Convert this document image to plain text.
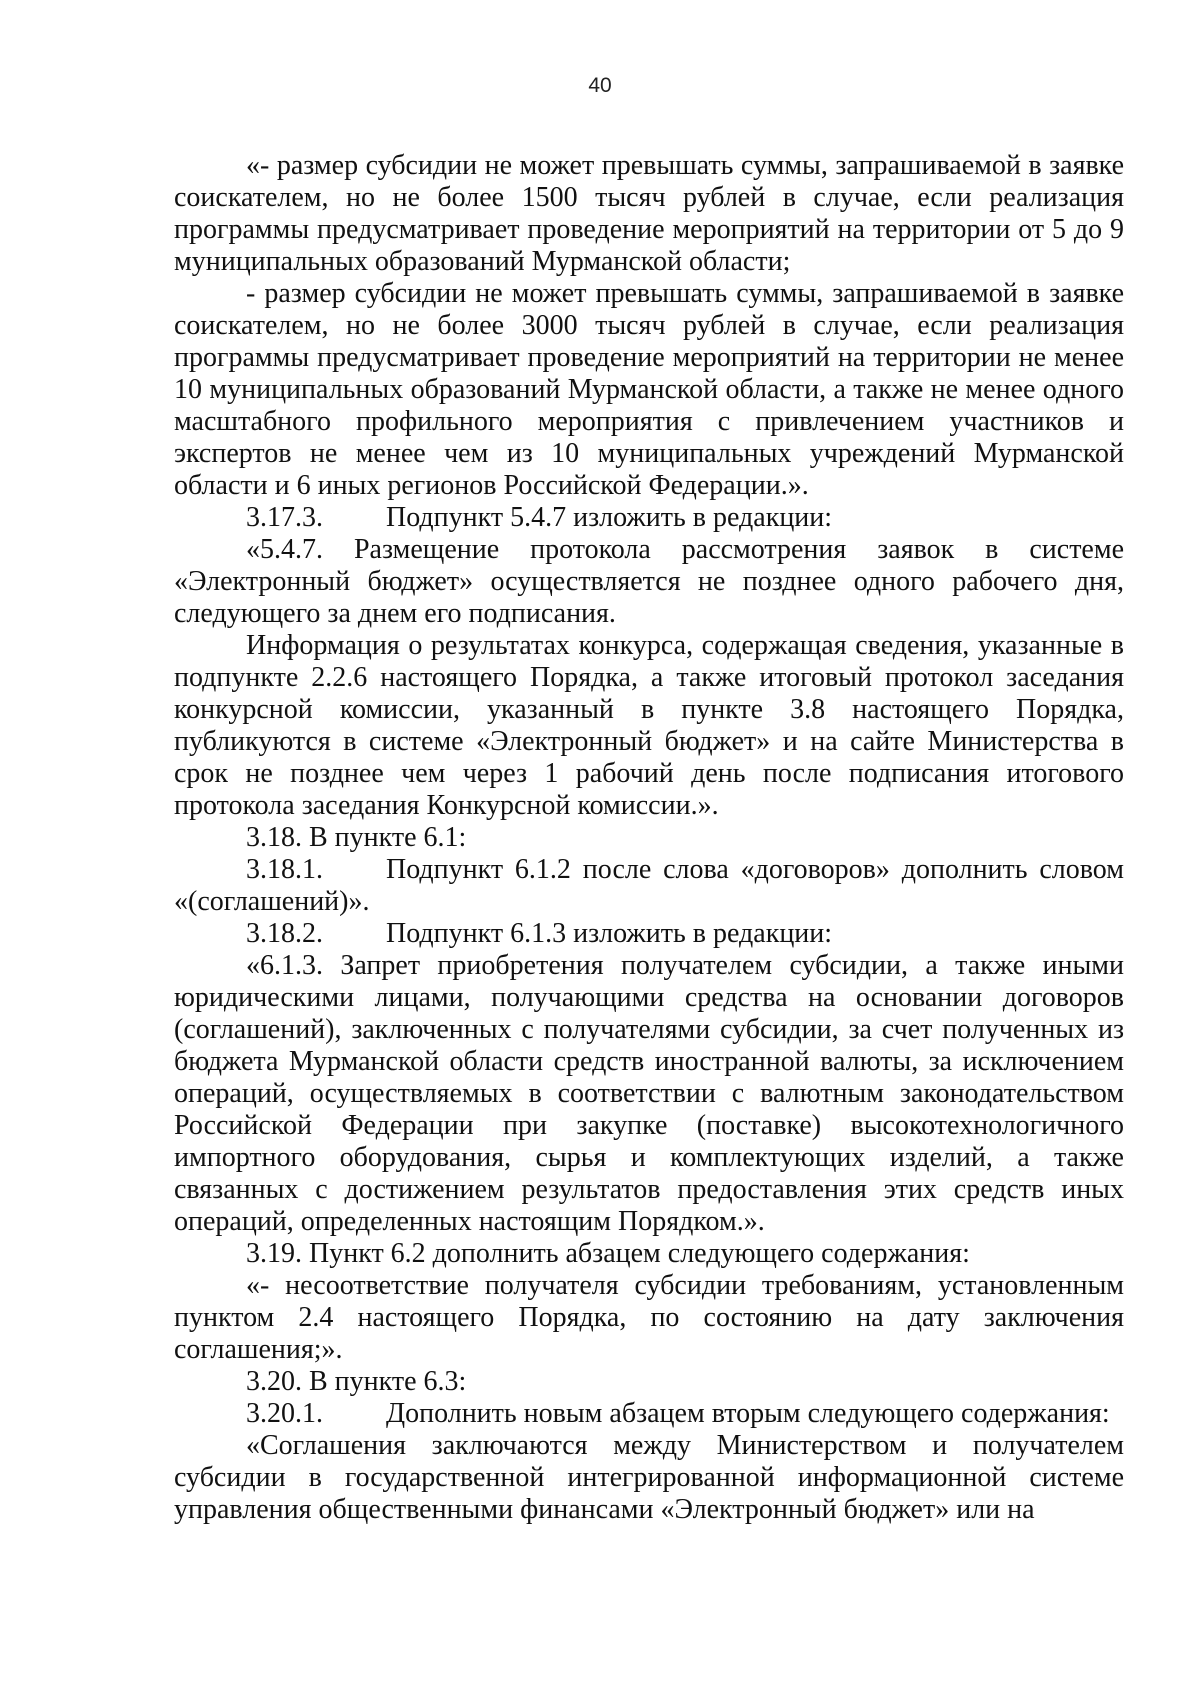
40

«- размер субсидии не может превышать суммы, запрашиваемой в заявке соискателем, но не более 1500 тысяч рублей в случае, если реализация программы предусматривает проведение мероприятий на территории от 5 до 9 муниципальных образований Мурманской области;

- размер субсидии не может превышать суммы, запрашиваемой в заявке соискателем, но не более 3000 тысяч рублей в случае, если реализация программы предусматривает проведение мероприятий на территории не менее 10 муниципальных образований Мурманской области, а также не менее одного масштабного профильного мероприятия с привлечением участников и экспертов не менее чем из 10 муниципальных учреждений Мурманской области и 6 иных регионов Российской Федерации.».

3.17.3. Подпункт 5.4.7 изложить в редакции:

«5.4.7. Размещение протокола рассмотрения заявок в системе «Электронный бюджет» осуществляется не позднее одного рабочего дня, следующего за днем его подписания.

Информация о результатах конкурса, содержащая сведения, указанные в подпункте 2.2.6 настоящего Порядка, а также итоговый протокол заседания конкурсной комиссии, указанный в пункте 3.8 настоящего Порядка, публикуются в системе «Электронный бюджет» и на сайте Министерства в срок не позднее чем через 1 рабочий день после подписания итогового протокола заседания Конкурсной комиссии.».

3.18. В пункте 6.1:

3.18.1. Подпункт 6.1.2 после слова «договоров» дополнить словом «(соглашений)».

3.18.2. Подпункт 6.1.3 изложить в редакции:

«6.1.3. Запрет приобретения получателем субсидии, а также иными юридическими лицами, получающими средства на основании договоров (соглашений), заключенных с получателями субсидии, за счет полученных из бюджета Мурманской области средств иностранной валюты, за исключением операций, осуществляемых в соответствии с валютным законодательством Российской Федерации при закупке (поставке) высокотехнологичного импортного оборудования, сырья и комплектующих изделий, а также связанных с достижением результатов предоставления этих средств иных операций, определенных настоящим Порядком.».

3.19. Пункт 6.2 дополнить абзацем следующего содержания:

«- несоответствие получателя субсидии требованиям, установленным пунктом 2.4 настоящего Порядка, по состоянию на дату заключения соглашения;».

3.20. В пункте 6.3:

3.20.1. Дополнить новым абзацем вторым следующего содержания:

«Соглашения заключаются между Министерством и получателем субсидии в государственной интегрированной информационной системе управления общественными финансами «Электронный бюджет» или на
